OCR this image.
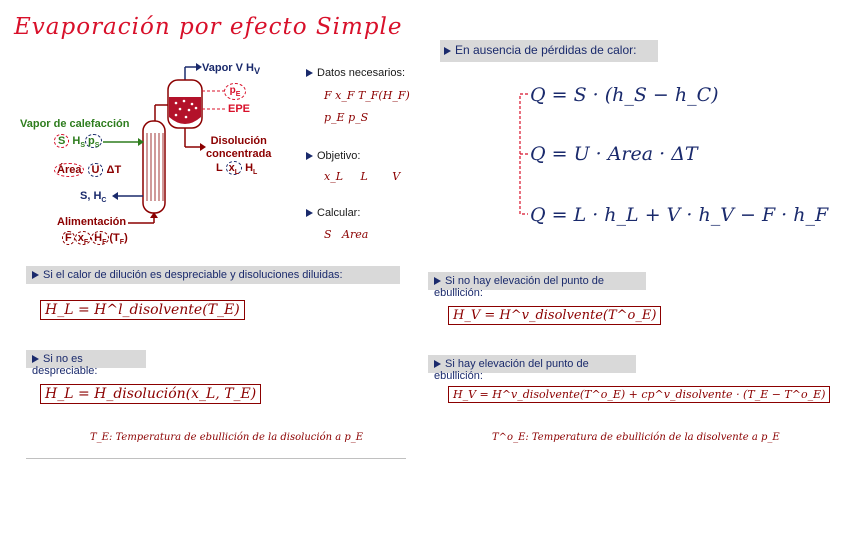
Evaporación por efecto Simple
Vapor V $H_V$
$p_E$
EPE
Vapor de calefacción
S $H_S$ $p_S$
Área U ΔT
S, $H_C$
Disolución
concentrada
L $x_L$ $H_L$
Alimentación
F $x_F$ $H_F$ $(T_F)$
Datos necesarios:
F x_F T_F(H_F)
p_E p_S
Objetivo:
x_L     L       V
Calcular:
S   Area
En ausencia de pérdidas de calor:
Q = S · (h_S − h_C)
Q = U · Area · ΔT
Q = L · h_L + V · h_V − F · h_F
Si el calor de dilución es despreciable y disoluciones diluidas:
H_L = H^l_disolvente(T_E)
Si no es despreciable:
H_L = H_disolución(x_L, T_E)
T_E: Temperatura de ebullición de la disolución a p_E
Si no hay elevación del punto de ebullición:
H_V = H^v_disolvente(T^o_E)
Si hay elevación del punto de ebullición:
H_V = H^v_disolvente(T^o_E) + cp^v_disolvente · (T_E − T^o_E)
T^o_E: Temperatura de ebullición de la disolvente a p_E
